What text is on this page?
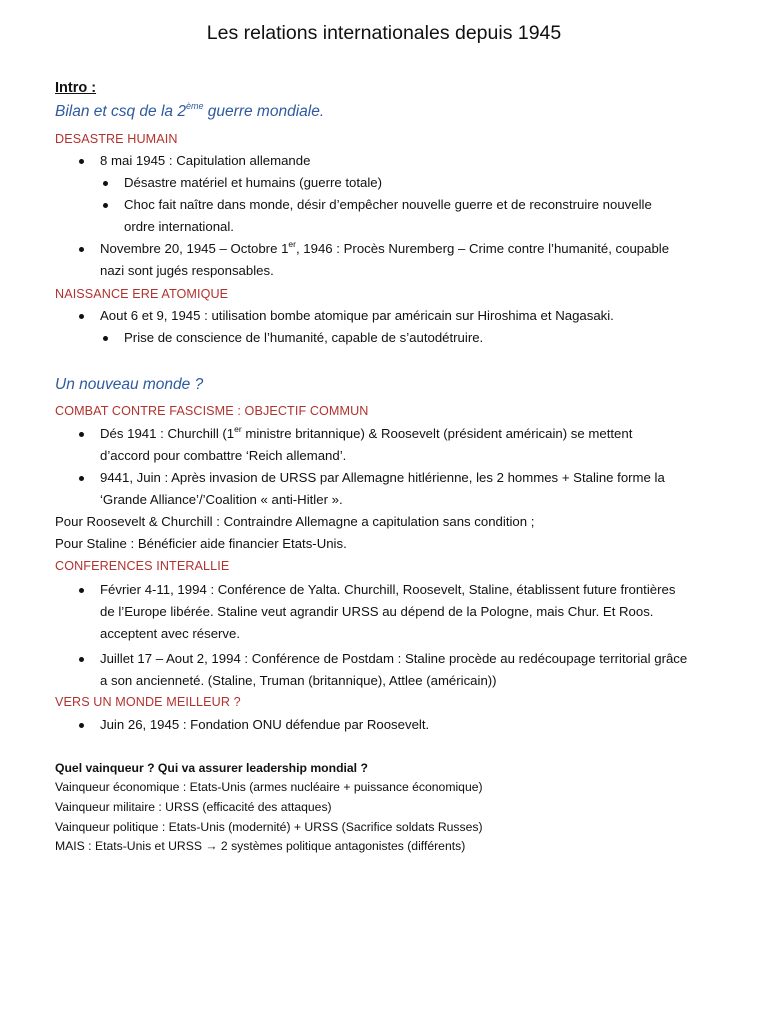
Les relations internationales depuis 1945
Intro :
Bilan et csq de la 2ème guerre mondiale.
DESASTRE HUMAIN
8 mai 1945 : Capitulation allemande
Désastre matériel et humains (guerre totale)
Choc fait naître dans monde, désir d’empêcher nouvelle guerre et de reconstruire nouvelle
ordre international.
Novembre 20, 1945 – Octobre 1er, 1946 : Procès Nuremberg – Crime contre l’humanité, coupable
nazi sont jugés responsables.
NAISSANCE ERE ATOMIQUE
Aout 6 et 9, 1945 : utilisation bombe atomique par américain sur Hiroshima et Nagasaki.
Prise de conscience de l’humanité, capable de s’autodétruire.
Un nouveau monde ?
COMBAT CONTRE FASCISME : OBJECTIF COMMUN
Dés 1941 : Churchill (1er ministre britannique) & Roosevelt (président américain) se mettent
d’accord pour combattre ‘Reich allemand’.
9441, Juin : Après invasion de URSS par Allemagne hitlérienne, les 2 hommes + Staline forme la
‘Grande Alliance’/’Coalition « anti-Hitler ».
Pour Roosevelt & Churchill : Contraindre Allemagne a capitulation sans condition ;
Pour Staline : Bénéficier aide financier Etats-Unis.
CONFERENCES INTERALLIE
Février 4-11, 1994 : Conférence de Yalta. Churchill, Roosevelt, Staline, établissent future frontières
de l’Europe libérée. Staline veut agrandir URSS au dépend de la Pologne, mais Chur. Et Roos.
acceptent avec réserve.
Juillet 17 – Aout 2, 1994 : Conférence de Postdam : Staline procède au redécoupage territorial grâce
a son ancienneté. (Staline, Truman (britannique), Attlee (américain))
VERS UN MONDE MEILLEUR ?
Juin 26, 1945 : Fondation ONU défendue par Roosevelt.
Quel vainqueur ? Qui va assurer leadership mondial ?
Vainqueur économique : Etats-Unis (armes nucléaire + puissance économique)
Vainqueur militaire : URSS (efficacité des attaques)
Vainqueur politique : Etats-Unis (modernité) + URSS (Sacrifice soldats Russes)
MAIS : Etats-Unis et URSS → 2 systèmes politique antagonistes (différents)
